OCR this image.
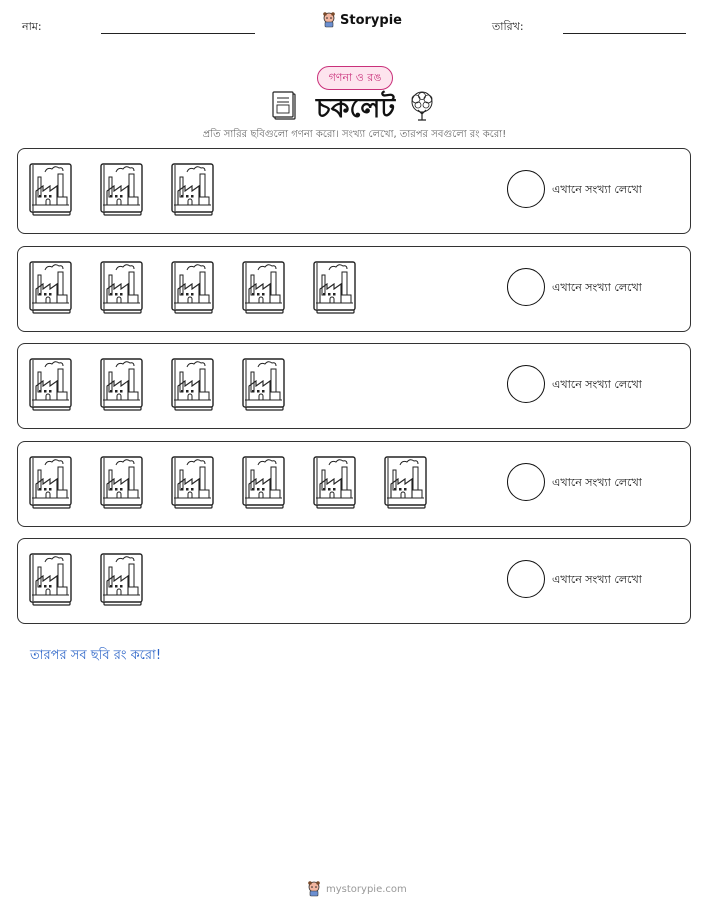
নাম:	Storypie	তারিখ:
গণনা ও রঙ
চকলেট
প্রতি সারির ছবিগুলো গণনা করো। সংখ্যা লেখো, তারপর সবগুলো রং করো!
এখানে সংখ্যা লেখো
এখানে সংখ্যা লেখো
এখানে সংখ্যা লেখো
এখানে সংখ্যা লেখো
এখানে সংখ্যা লেখো
তারপর সব ছবি রং করো!
mystorypie.com
